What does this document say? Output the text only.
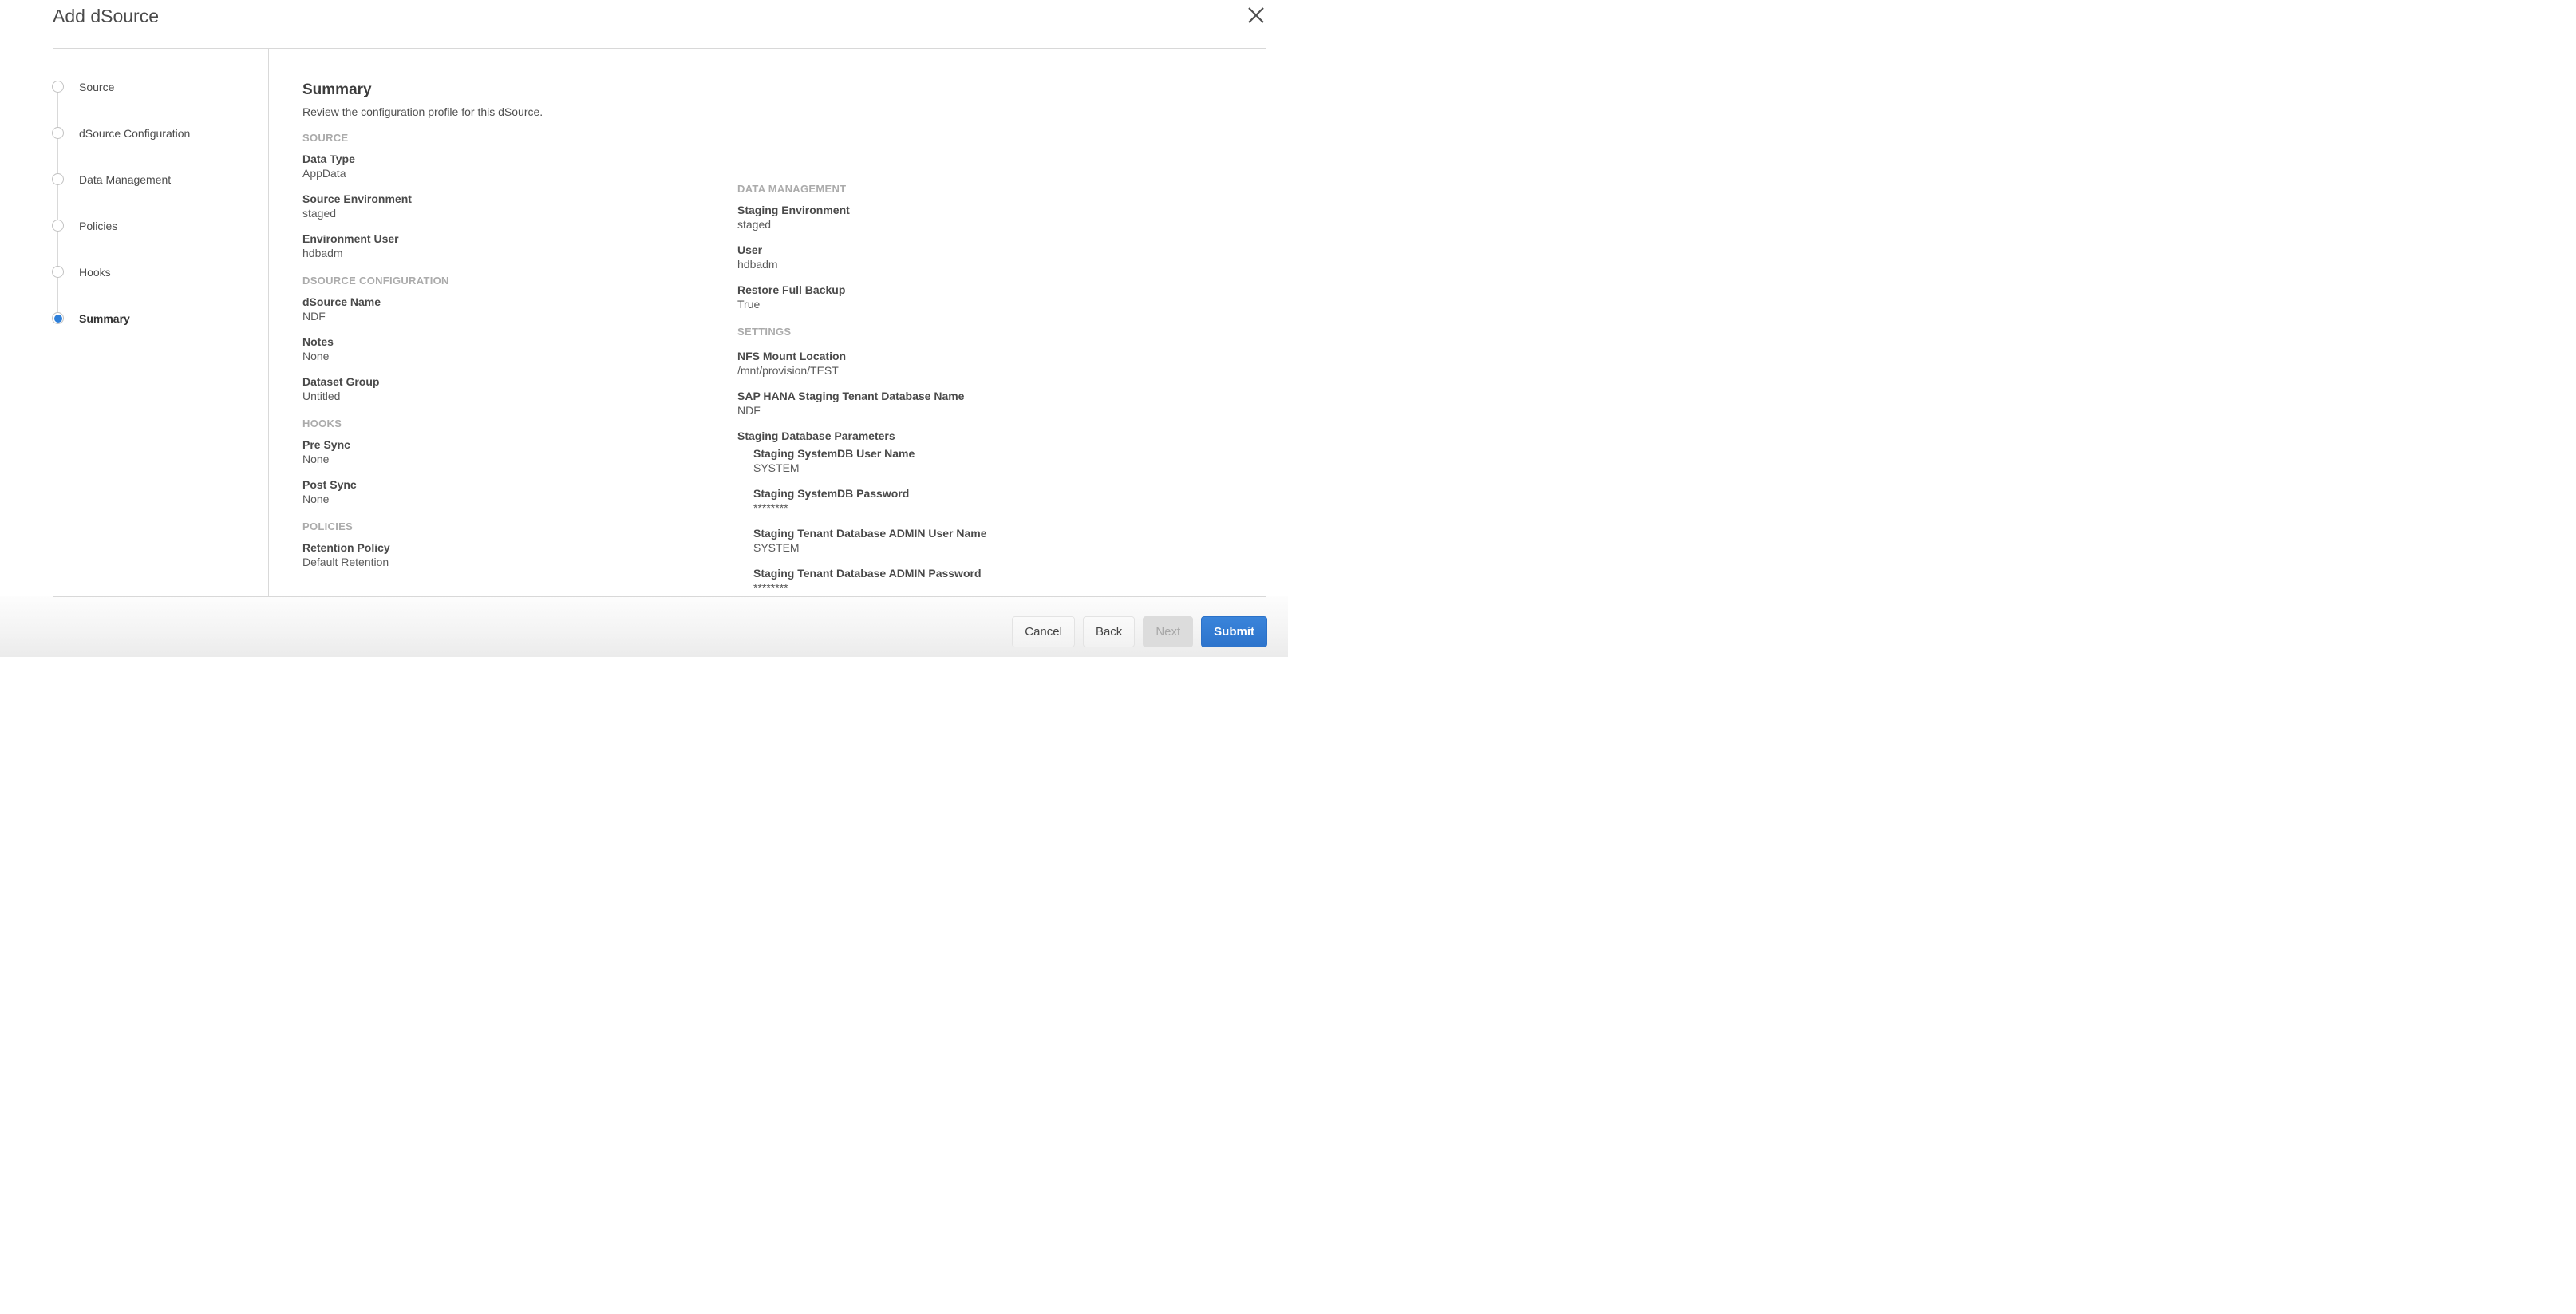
Add dSource
Source
dSource Configuration
Data Management
Policies
Hooks
Summary
Summary

Review the configuration profile for this dSource.

SOURCE
Data Type
AppData
Source Environment
staged
Environment User
hdbadm
DSOURCE CONFIGURATION
dSource Name
NDF
Notes
None
Dataset Group
Untitled
HOOKS
Pre Sync
None
Post Sync
None
POLICIES
Retention Policy
Default Retention
DATA MANAGEMENT
Staging Environment
staged
User
hdbadm
Restore Full Backup
True
SETTINGS
NFS Mount Location
/mnt/provision/TEST
SAP HANA Staging Tenant Database Name
NDF
Staging Database Parameters
Staging SystemDB User Name
SYSTEM
Staging SystemDB Password
********
Staging Tenant Database ADMIN User Name
SYSTEM
Staging Tenant Database ADMIN Password
********
Cancel	Back	Next	Submit
